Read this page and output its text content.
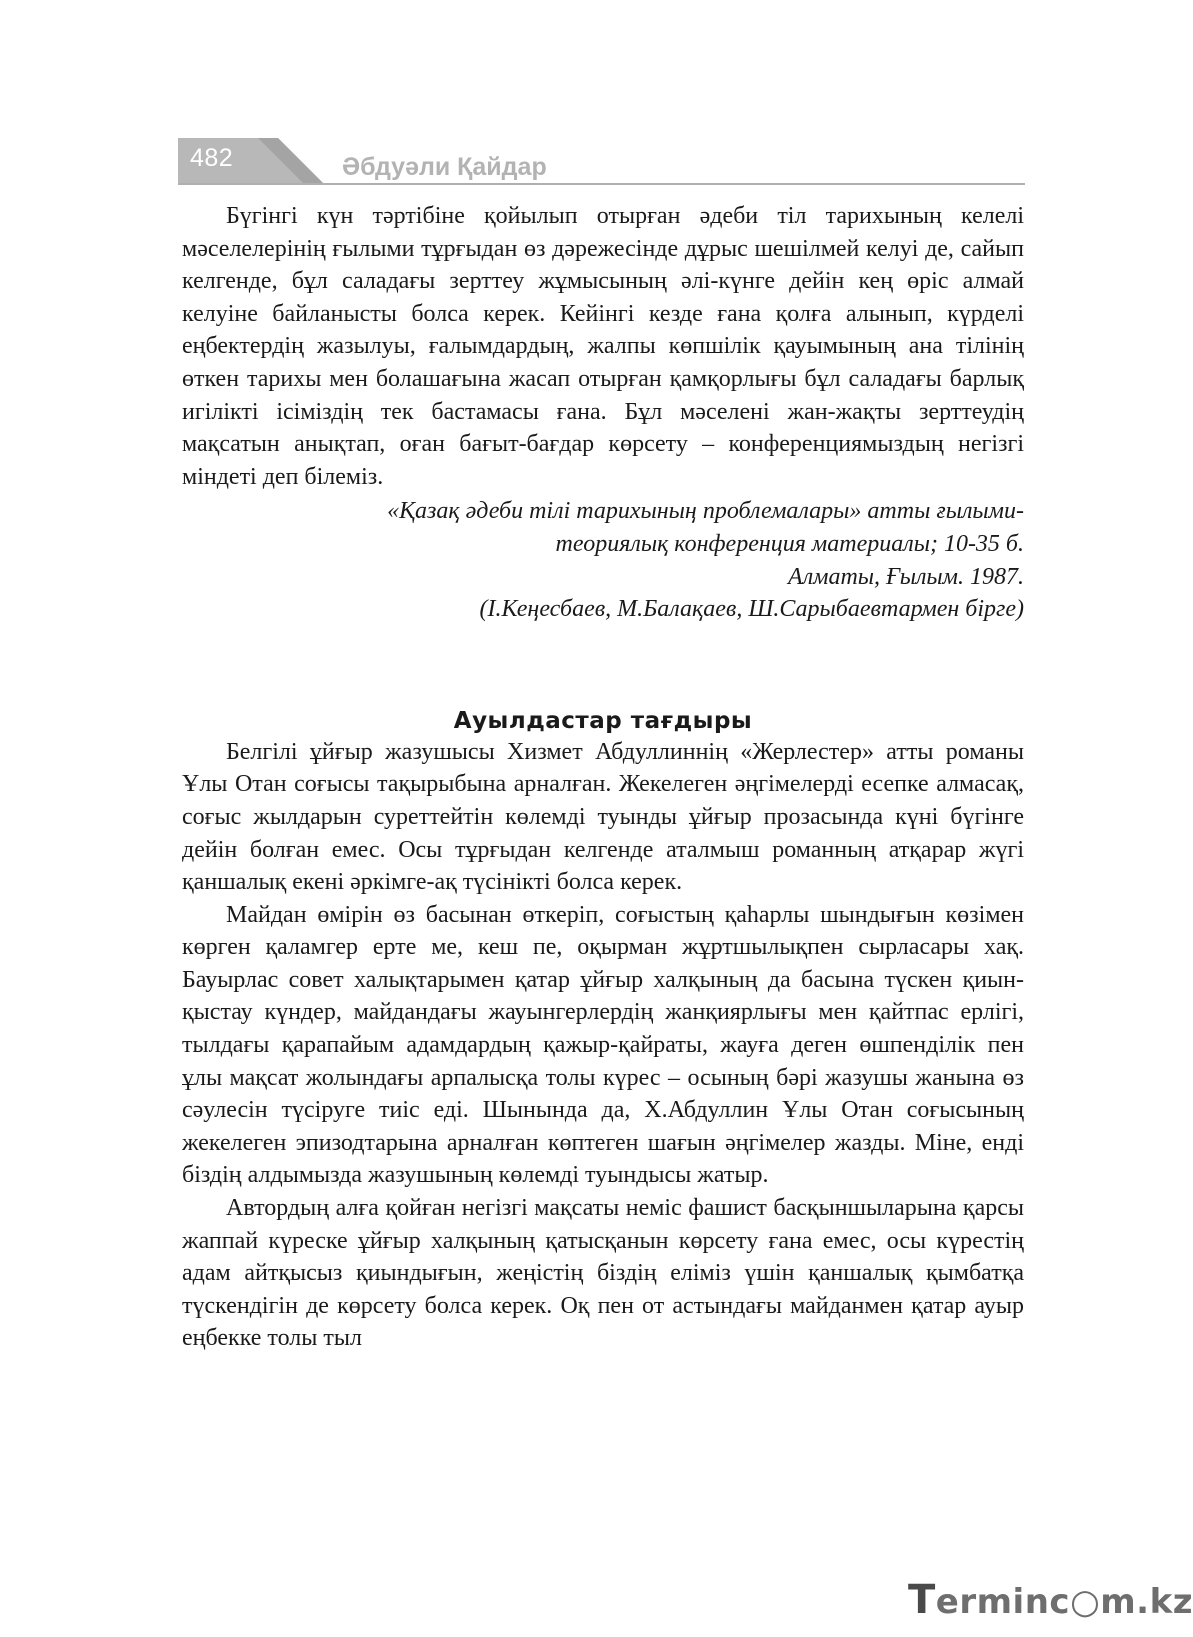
482	Әбдуәли Қайдар

Бүгінгі күн тәртібіне қойылып отырған әдеби тіл тарихының келелі мәселелерінің ғылыми тұрғыдан өз дәрежесінде дұрыс шешілмей келуі де, сайып келгенде, бұл саладағы зерттеу жұмысының әлі-күнге дейін кең өріс алмай келуіне байланысты болса керек. Кейінгі кезде ғана қолға алынып, күрделі еңбектердің жазылуы, ғалымдардың, жалпы көпшілік қауымының ана тілінің өткен тарихы мен болашағына жасап отырған қамқорлығы бұл саладағы барлық игілікті ісіміздің тек бастамасы ғана. Бұл мәселені жан-жақты зерттеудің мақсатын анықтап, оған бағыт-бағдар көрсету – конференциямыздың негізгі міндеті деп білеміз.

«Қазақ әдеби тілі тарихының проблемалары» атты ғылыми-

теориялық конференция материалы; 10-35 б.

Алматы, Ғылым. 1987.

(І.Кеңесбаев, М.Балақаев, Ш.Сарыбаевтармен бірге)

Ауылдастар тағдыры

Белгілі ұйғыр жазушысы Хизмет Абдуллиннің «Жерлестер» атты романы Ұлы Отан соғысы тақырыбына арналған. Жекелеген әңгімелерді есепке алмасақ, соғыс жылдарын суреттейтін көлемді туынды ұйғыр прозасында күні бүгінге дейін болған емес. Осы тұрғыдан келгенде аталмыш романның атқарар жүгі қаншалық екені әркімге-ақ түсінікті болса керек.

Майдан өмірін өз басынан өткеріп, соғыстың қаһарлы шындығын көзімен көрген қаламгер ерте ме, кеш пе, оқырман жұртшылықпен сырласары хақ. Бауырлас совет халықтарымен қатар ұйғыр халқының да басына түскен қиын-қыстау күндер, майдандағы жауынгерлердің жанқиярлығы мен қайтпас ерлігі, тылдағы қарапайым адамдардың қажыр-қайраты, жауға деген өшпенділік пен ұлы мақсат жолындағы арпалысқа толы күрес – осының бәрі жазушы жанына өз сәулесін түсіруге тиіс еді. Шынында да, Х.Абдуллин Ұлы Отан соғысының жекелеген эпизодтарына арналған көптеген шағын әңгімелер жазды. Міне, енді біздің алдымызда жазушының көлемді туындысы жатыр.

Автордың алға қойған негізгі мақсаты неміс фашист басқыншыларына қарсы жаппай күреске ұйғыр халқының қатысқанын көрсету ғана емес, осы күрестің адам айтқысыз қиындығын, жеңістің біздің еліміз үшін қаншалық қымбатқа түскендігін де көрсету болса керек. Оқ пен от астындағы майданмен қатар ауыр еңбекке толы тыл

Terminc○m.kz
